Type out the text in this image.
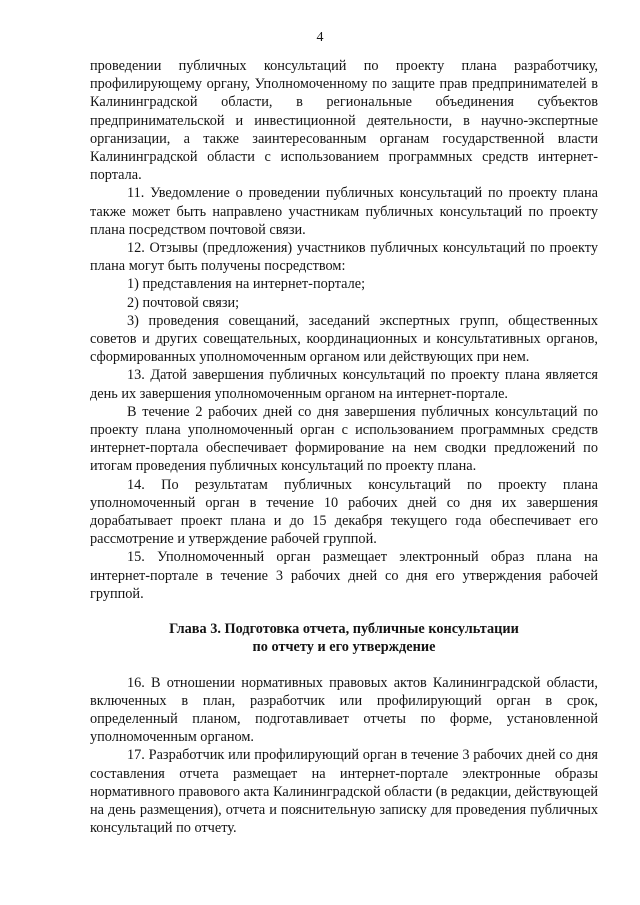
4

проведении публичных консультаций по проекту плана разработчику, профилирующему органу, Уполномоченному по защите прав предпринимателей в Калининградской области, в региональные объединения субъектов предпринимательской и инвестиционной деятельности, в научно-экспертные организации, а также заинтересованным органам государственной власти Калининградской области с использованием программных средств интернет-портала.

11. Уведомление о проведении публичных консультаций по проекту плана также может быть направлено участникам публичных консультаций по проекту плана посредством почтовой связи.

12. Отзывы (предложения) участников публичных консультаций по проекту плана могут быть получены посредством:

1) представления на интернет-портале;

2) почтовой связи;

3) проведения совещаний, заседаний экспертных групп, общественных советов и других совещательных, координационных и консультативных органов, сформированных уполномоченным органом или действующих при нем.

13. Датой завершения публичных консультаций по проекту плана является день их завершения уполномоченным органом на интернет-портале.

В течение 2 рабочих дней со дня завершения публичных консультаций по проекту плана уполномоченный орган с использованием программных средств интернет-портала обеспечивает формирование на нем сводки предложений по итогам проведения публичных консультаций по проекту плана.

14. По результатам публичных консультаций по проекту плана уполномоченный орган в течение 10 рабочих дней со дня их завершения дорабатывает проект плана и до 15 декабря текущего года обеспечивает его рассмотрение и утверждение рабочей группой.

15. Уполномоченный орган размещает электронный образ плана на интернет-портале в течение 3 рабочих дней со дня его утверждения рабочей группой.

Глава 3. Подготовка отчета, публичные консультации
по отчету и его утверждение

16. В отношении нормативных правовых актов Калининградской области, включенных в план, разработчик или профилирующий орган в срок, определенный планом, подготавливает отчеты по форме, установленной уполномоченным органом.

17. Разработчик или профилирующий орган в течение 3 рабочих дней со дня составления отчета размещает на интернет-портале электронные образы нормативного правового акта Калининградской области (в редакции, действующей на день размещения), отчета и пояснительную записку для проведения публичных консультаций по отчету.
